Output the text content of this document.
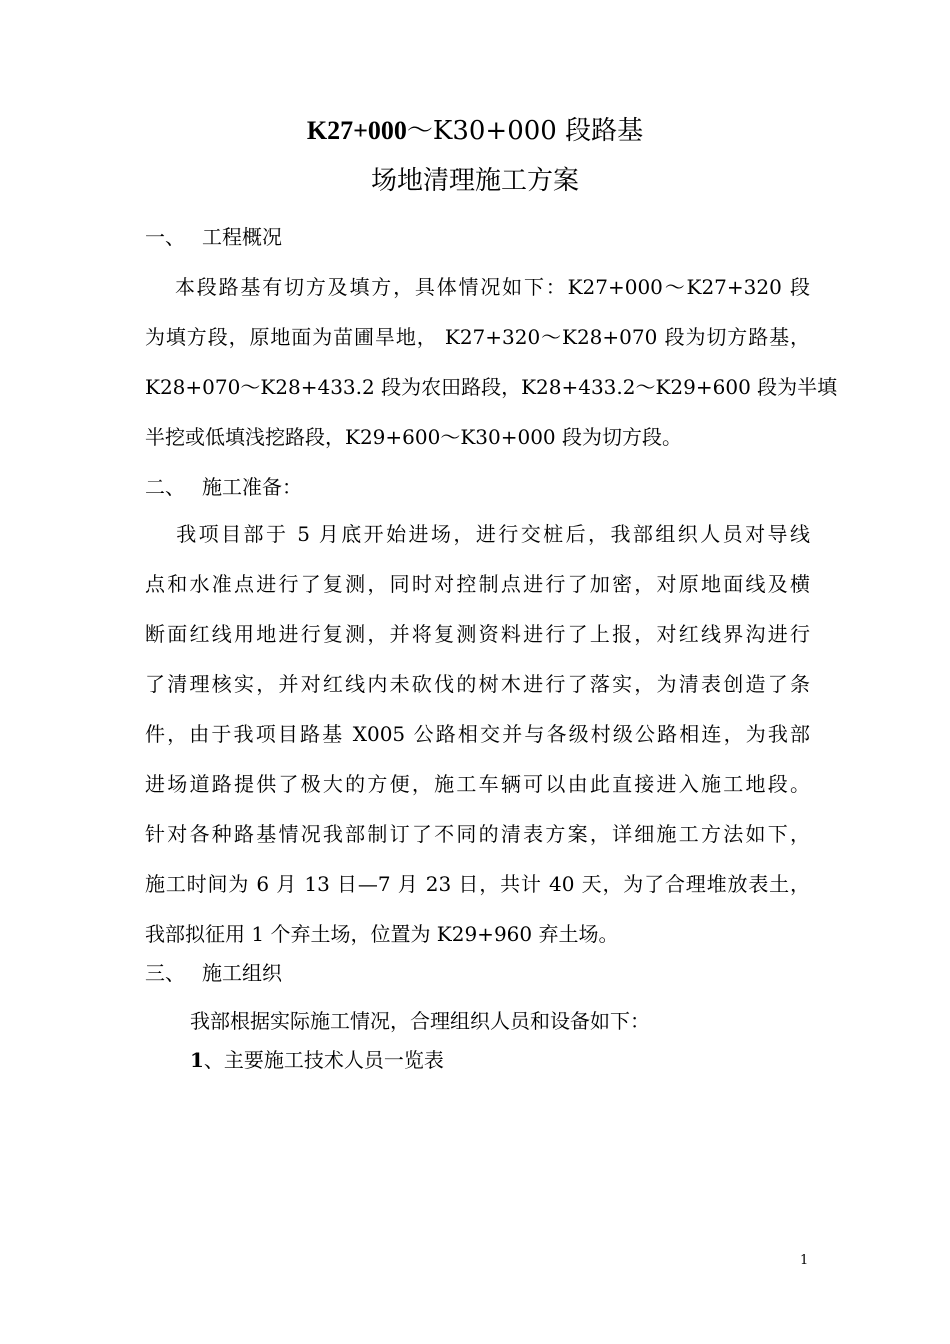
K27+000～K30+000 段路基
场地清理施工方案
一、 工程概况
　 本段路基有切方及填方，具体情况如下：K27+000～K27+320 段
为填方段，原地面为苗圃旱地， K27+320～K28+070 段为切方路基，
K28+070～K28+433.2 段为农田路段，K28+433.2～K29+600 段为半填
半挖或低填浅挖路段，K29+600～K30+000 段为切方段。
二、 施工准备：
　 我项目部于 5 月底开始进场，进行交桩后，我部组织人员对导线
点和水准点进行了复测，同时对控制点进行了加密，对原地面线及横
断面红线用地进行复测，并将复测资料进行了上报，对红线界沟进行
了清理核实，并对红线内未砍伐的树木进行了落实，为清表创造了条
件，由于我项目路基 X005 公路相交并与各级村级公路相连，为我部
进场道路提供了极大的方便，施工车辆可以由此直接进入施工地段。
针对各种路基情况我部制订了不同的清表方案，详细施工方法如下，
施工时间为 6 月 13 日—7 月 23 日，共计 40 天，为了合理堆放表土，
我部拟征用 1 个弃土场，位置为 K29+960 弃土场。
三、 施工组织
我部根据实际施工情况，合理组织人员和设备如下：
1、主要施工技术人员一览表
1
